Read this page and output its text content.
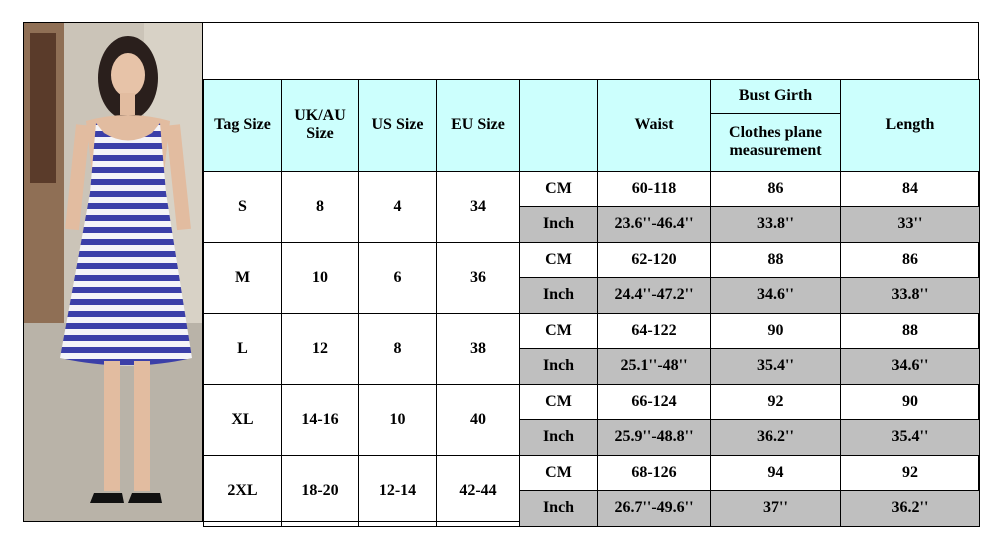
Tag Size	UK/AU Size	US Size	EU Size		Waist	Bust Girth	Length
						Clothes plane measurement	
S	8	4	34	CM	60-118	86	84
				Inch	23.6''-46.4''	33.8''	33''
M	10	6	36	CM	62-120	88	86
				Inch	24.4''-47.2''	34.6''	33.8''
L	12	8	38	CM	64-122	90	88
				Inch	25.1''-48''	35.4''	34.6''
XL	14-16	10	40	CM	66-124	92	90
				Inch	25.9''-48.8''	36.2''	35.4''
2XL	18-20	12-14	42-44	CM	68-126	94	92
				Inch	26.7''-49.6''	37''	36.2''
